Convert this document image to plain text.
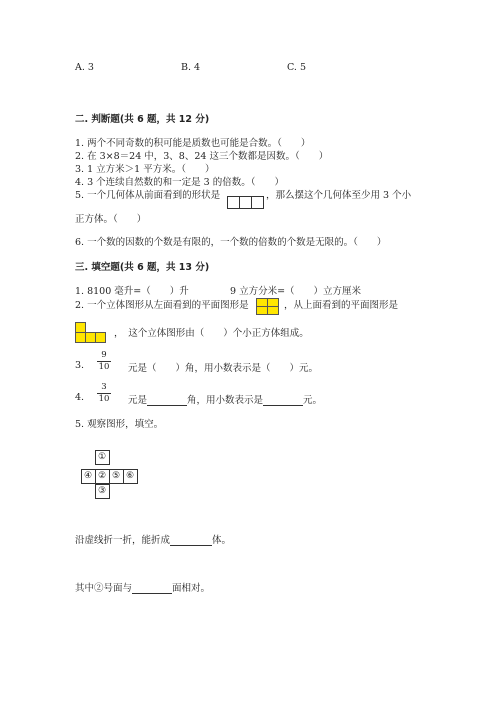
A. 3	B. 4	C. 5
二. 判断题(共 6 题，共 12 分)
1. 两个不同奇数的积可能是质数也可能是合数。（　　）
2. 在 3×8＝24 中，3、8、24 这三个数都是因数。（　　）
3. 1 立方米＞1 平方米。（　　）
4. 3 个连续自然数的和一定是 3 的倍数。（　　）
5. 一个几何体从前面看到的形状是	，那么摆这个几何体至少用 3 个小
正方体。（　　）
6. 一个数的因数的个数是有限的，一个数的倍数的个数是无限的。（　　）
三. 填空题(共 6 题，共 13 分)
1. 8100 毫升=（　　）升	9 立方分米=（　　）立方厘米
2. 一个立体图形从左面看到的平面图形是	，从上面看到的平面图形是
，　这个立体图形由（　　）个小正方体组成。
3.
9
10 元是（　　）角，用小数表示是（　　）元。
4.
3
10 元是	角，用小数表示是	元。
5. 观察图形，填空。
①
④ ② ⑤ ⑥
③
沿虚线折一折，能折成	体。
其中②号面与	面相对。
